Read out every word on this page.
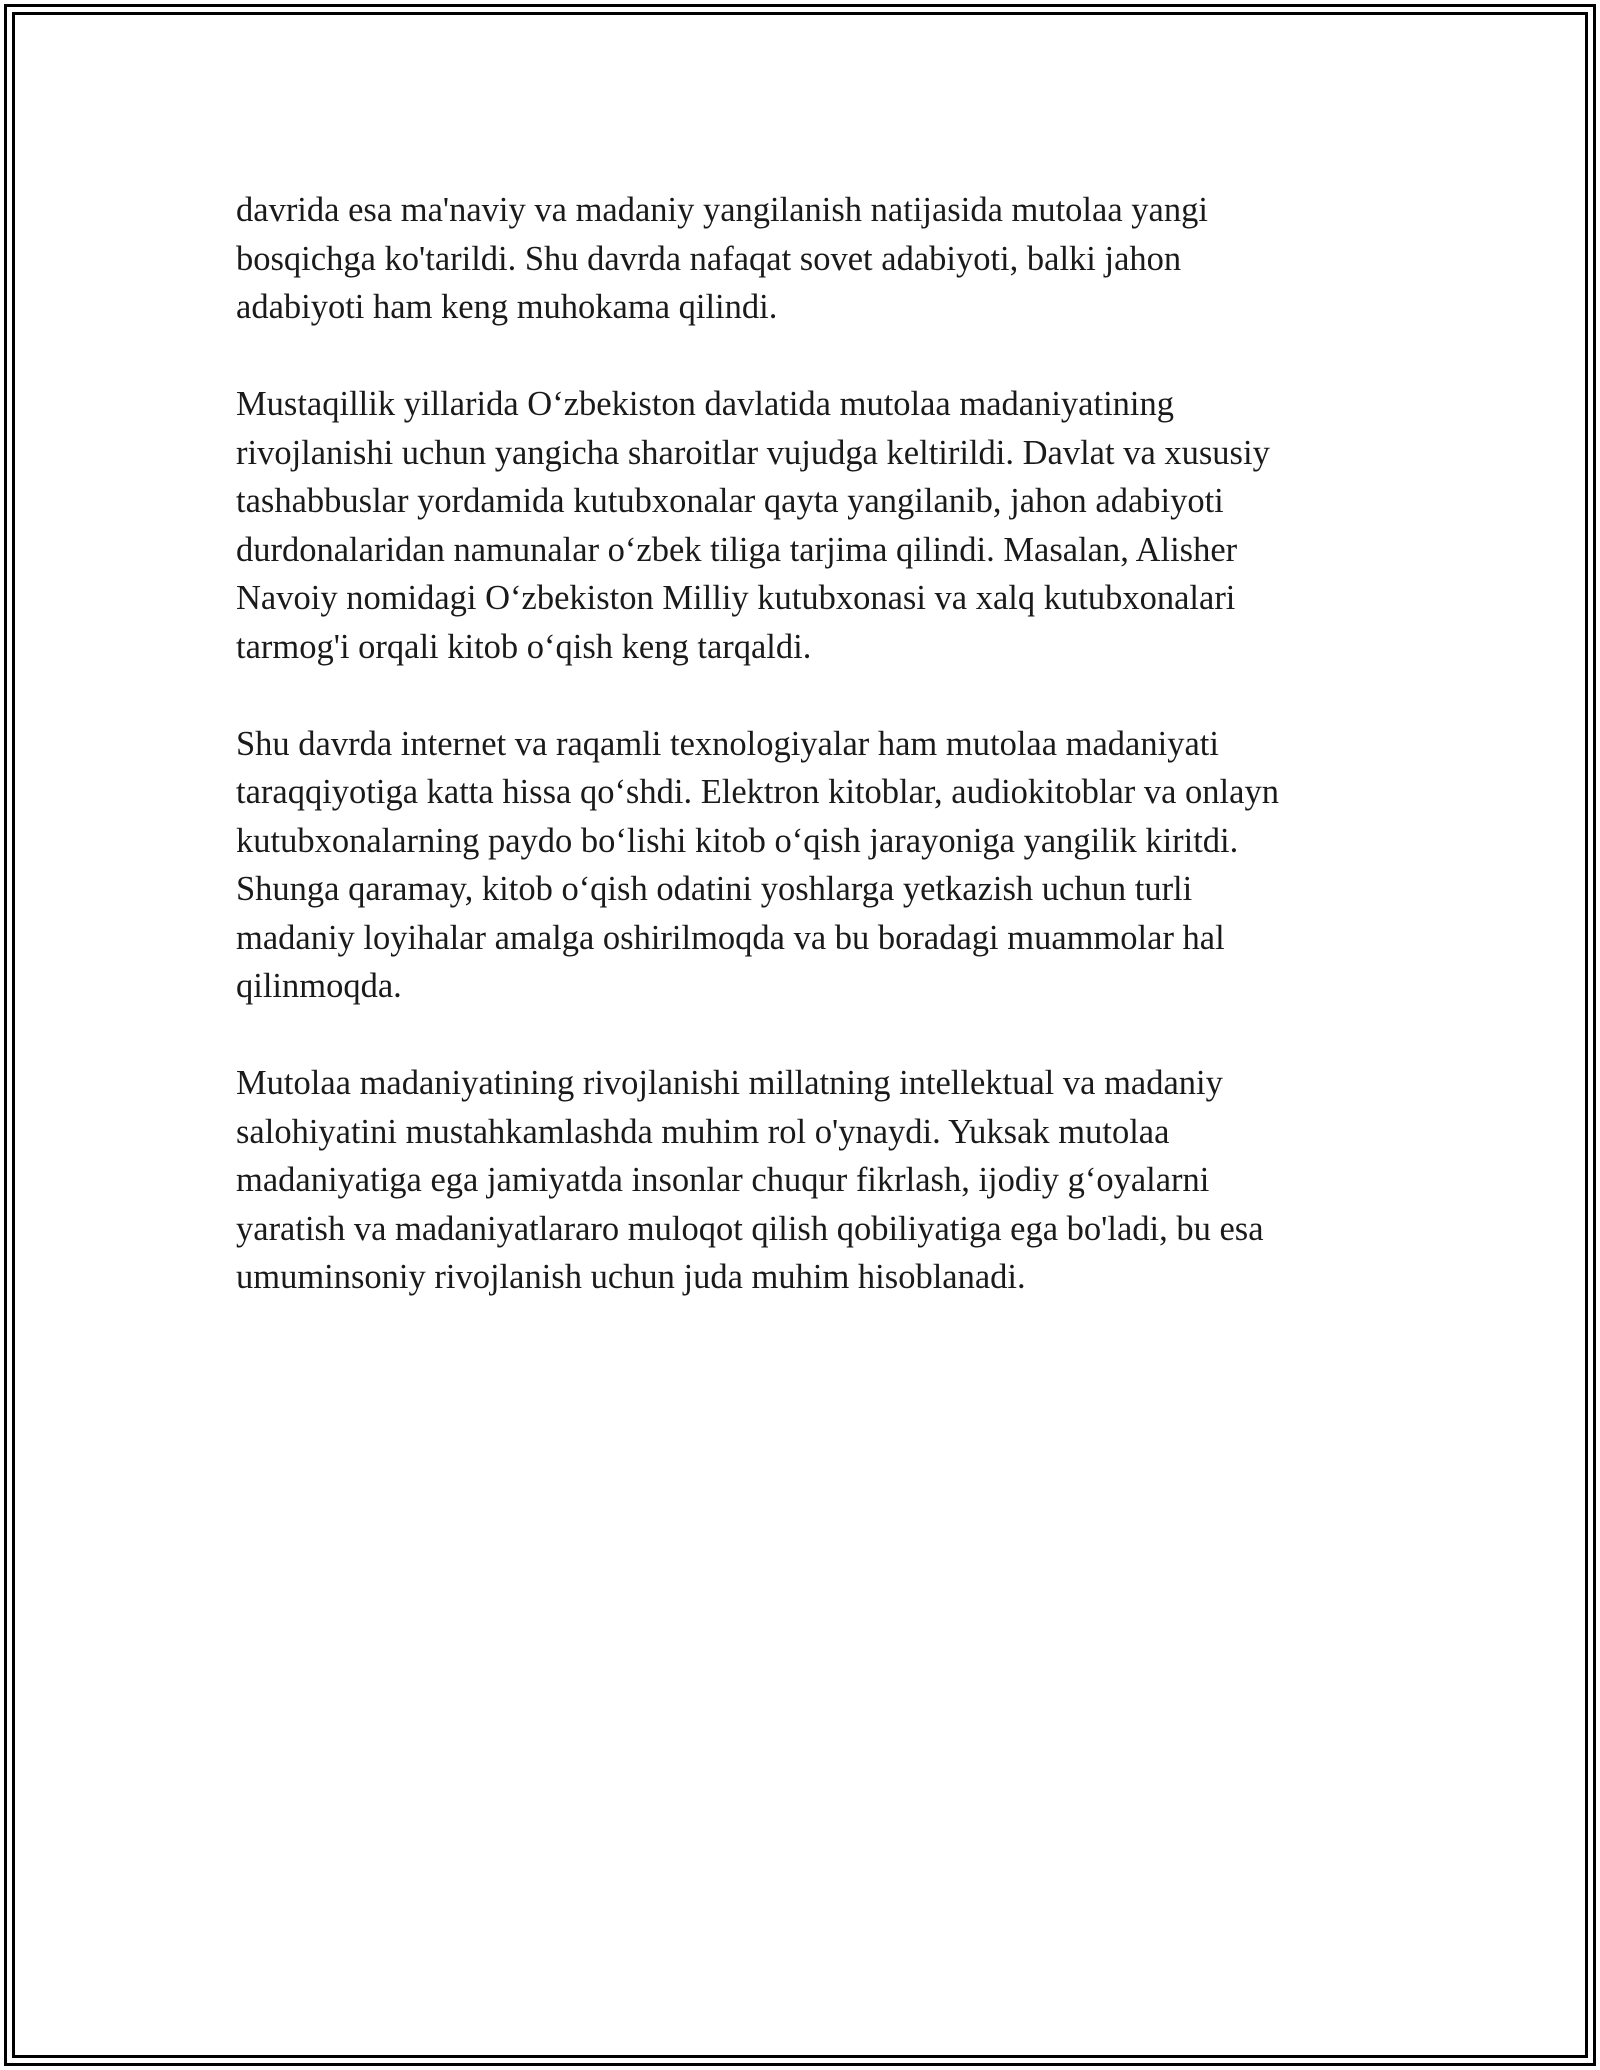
davrida esa ma'naviy va madaniy yangilanish natijasida mutolaa yangi
bosqichga ko'tarildi. Shu davrda nafaqat sovet adabiyoti, balki jahon
adabiyoti ham keng muhokama qilindi.

Mustaqillik yillarida O‘zbekiston davlatida mutolaa madaniyatining
rivojlanishi uchun yangicha sharoitlar vujudga keltirildi. Davlat va xususiy
tashabbuslar yordamida kutubxonalar qayta yangilanib, jahon adabiyoti
durdonalaridan namunalar o‘zbek tiliga tarjima qilindi. Masalan, Alisher
Navoiy nomidagi O‘zbekiston Milliy kutubxonasi va xalq kutubxonalari
tarmog'i orqali kitob o‘qish keng tarqaldi.

Shu davrda internet va raqamli texnologiyalar ham mutolaa madaniyati
taraqqiyotiga katta hissa qo‘shdi. Elektron kitoblar, audiokitoblar va onlayn
kutubxonalarning paydo bo‘lishi kitob o‘qish jarayoniga yangilik kiritdi.
Shunga qaramay, kitob o‘qish odatini yoshlarga yetkazish uchun turli
madaniy loyihalar amalga oshirilmoqda va bu boradagi muammolar hal
qilinmoqda.

Mutolaa madaniyatining rivojlanishi millatning intellektual va madaniy
salohiyatini mustahkamlashda muhim rol o'ynaydi. Yuksak mutolaa
madaniyatiga ega jamiyatda insonlar chuqur fikrlash, ijodiy g‘oyalarni
yaratish va madaniyatlararo muloqot qilish qobiliyatiga ega bo'ladi, bu esa
umuminsoniy rivojlanish uchun juda muhim hisoblanadi.
